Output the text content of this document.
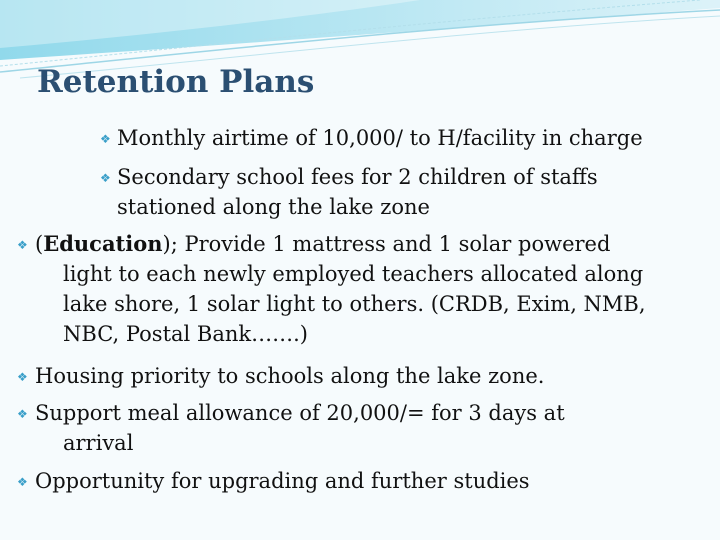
Retention Plans
Monthly airtime of 10,000/ to H/facility in charge
Secondary school fees for 2 children of staffs
stationed along the lake zone
(Education); Provide 1 mattress and 1 solar powered
light to each newly employed teachers allocated along
lake shore, 1 solar light to others. (CRDB, Exim, NMB,
NBC, Postal Bank…….)
Housing priority to schools along the lake zone.
Support meal allowance of 20,000/= for 3 days at
arrival
Opportunity for upgrading and further studies
❖
❖
❖
❖
❖
❖
